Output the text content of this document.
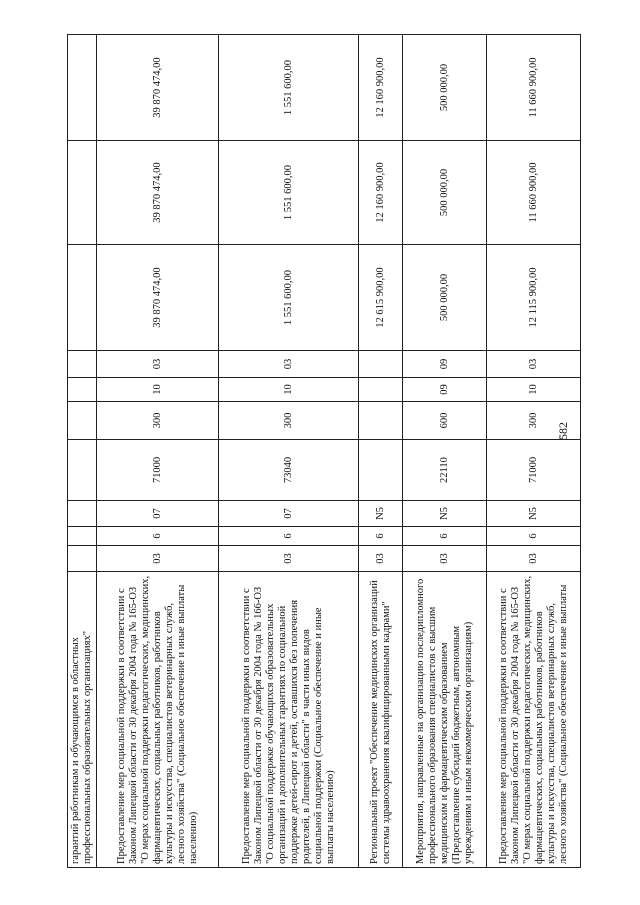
582
гарантий работникам и обучающимся в областных профессиональных образовательных организациях"										
Предоставление мер социальной поддержки в соответствии с Законом Липецкой области от 30 декабря 2004 года № 165-ОЗ "О мерах социальной поддержки педагогических, медицинских, фармацевтических, социальных работников, работников культуры и искусства, специалистов ветеринарных служб, лесного хозяйства" (Социальное обеспечение и иные выплаты населению)	03	6	07	71000	300	10	03	39 870 474,00	39 870 474,00	39 870 474,00
Предоставление мер социальной поддержки в соответствии с Законом Липецкой области от 30 декабря 2004 года № 166-ОЗ "О социальной поддержке обучающихся образовательных организаций и дополнительных гарантиях по социальной поддержке детей-сирот и детей, оставшихся без попечения родителей, в Липецкой области" в части иных видов социальной поддержки (Социальное обеспечение и иные выплаты населению)	03	6	07	73040	300	10	03	1 551 600,00	1 551 600,00	1 551 600,00
Региональный проект "Обеспечение медицинских организаций системы здравоохранения квалифицированными кадрами"	03	6	N5					12 615 900,00	12 160 900,00	12 160 900,00
Мероприятия, направленные на организацию последипломного профессионального образования специалистов с высшим медицинским и фармацевтическим образованием (Предоставление субсидий бюджетным, автономным учреждениям и иным некоммерческим организациям)	03	6	N5	22110	600	09	09	500 000,00	500 000,00	500 000,00
Предоставление мер социальной поддержки в соответствии с Законом Липецкой области от 30 декабря 2004 года № 165-ОЗ "О мерах социальной поддержки педагогических, медицинских, фармацевтических, социальных работников, работников культуры и искусства, специалистов ветеринарных служб, лесного хозяйства" (Социальное обеспечение и иные выплаты	03	6	N5	71000	300	10	03	12 115 900,00	11 660 900,00	11 660 900,00
